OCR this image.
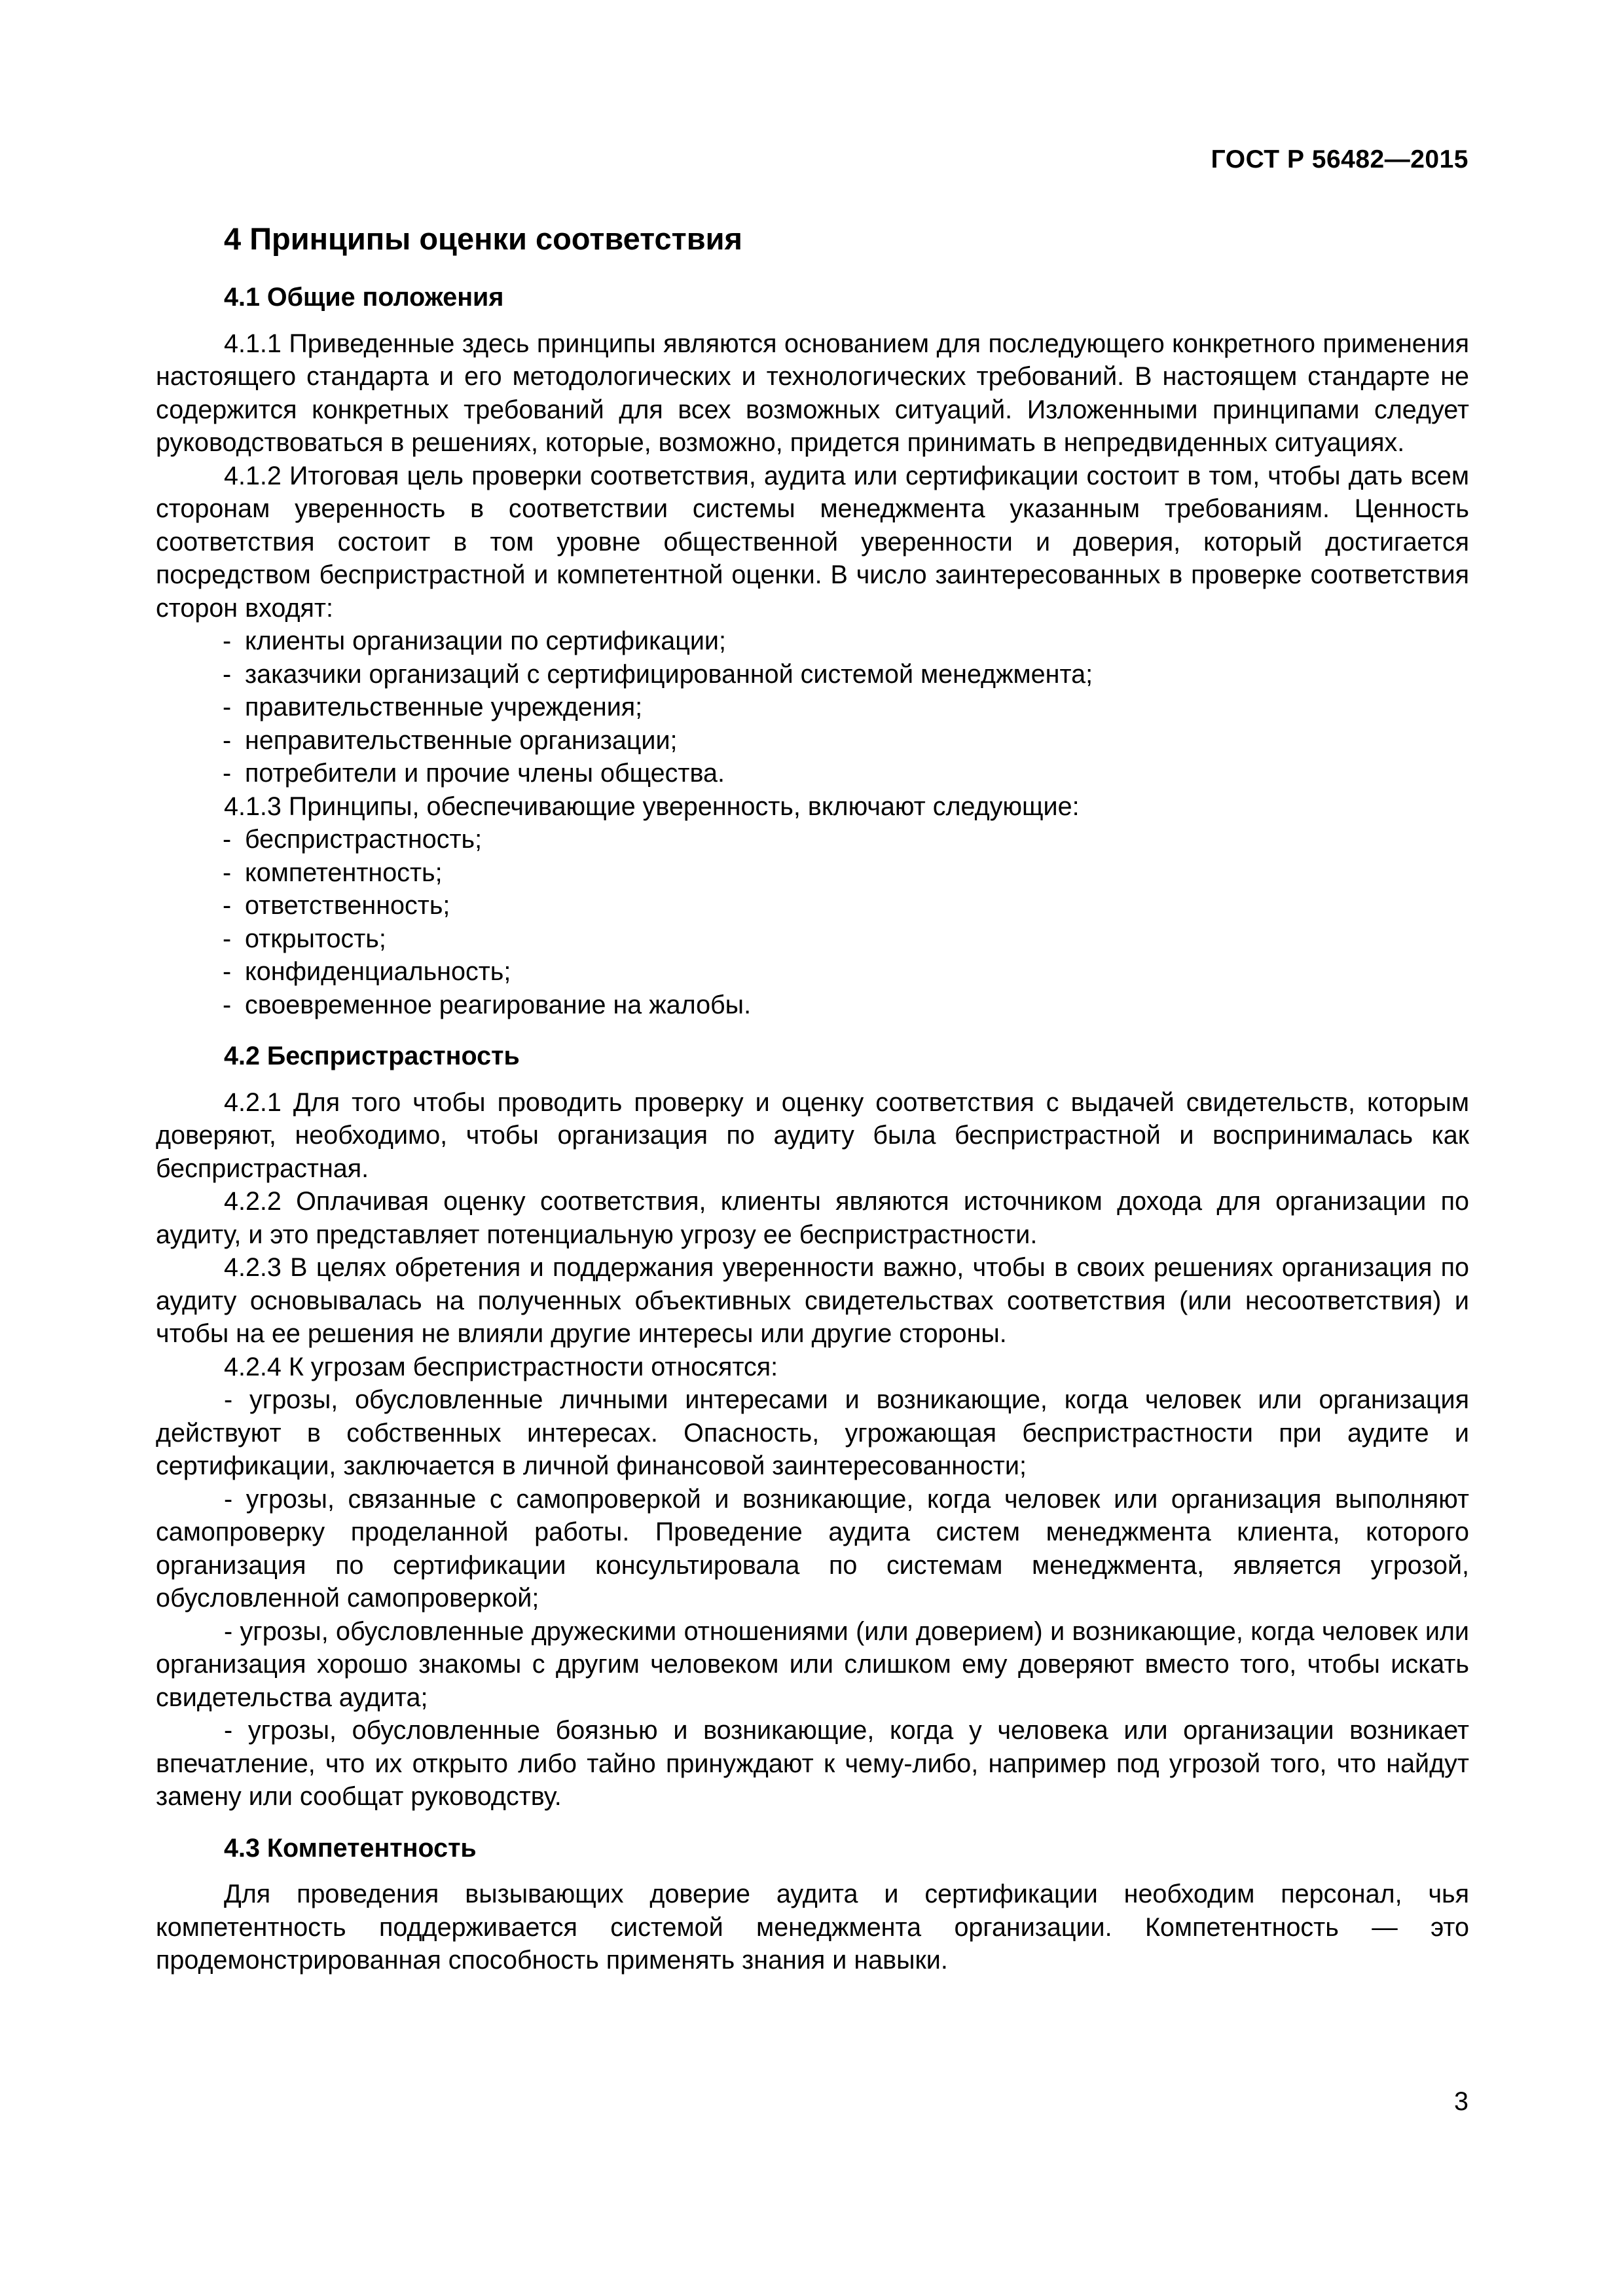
ГОСТ Р 56482—2015
4 Принципы оценки соответствия
4.1 Общие положения

4.1.1 Приведенные здесь принципы являются основанием для последующего конкретного применения настоящего стандарта и его методологических и технологических требований. В настоящем стандарте не содержится конкретных требований для всех возможных ситуаций. Изложенными принципами следует руководствоваться в решениях, которые, возможно, придется принимать в непредвиденных ситуациях.

4.1.2 Итоговая цель проверки соответствия, аудита или сертификации состоит в том, чтобы дать всем сторонам уверенность в соответствии системы менеджмента указанным требованиям. Ценность соответствия состоит в том уровне общественной уверенности и доверия, который достигается посредством беспристрастной и компетентной оценки. В число заинтересованных в проверке соответствия сторон входят:

- клиенты организации по сертификации;

- заказчики организаций с сертифицированной системой менеджмента;

- правительственные учреждения;

- неправительственные организации;

- потребители и прочие члены общества.

4.1.3 Принципы, обеспечивающие уверенность, включают следующие:

- беспристрастность;

- компетентность;

- ответственность;

- открытость;

- конфиденциальность;

- своевременное реагирование на жалобы.

4.2 Беспристрастность

4.2.1 Для того чтобы проводить проверку и оценку соответствия с выдачей свидетельств, которым доверяют, необходимо, чтобы организация по аудиту была беспристрастной и воспринималась как беспристрастная.

4.2.2 Оплачивая оценку соответствия, клиенты являются источником дохода для организации по аудиту, и это представляет потенциальную угрозу ее беспристрастности.

4.2.3 В целях обретения и поддержания уверенности важно, чтобы в своих решениях организация по аудиту основывалась на полученных объективных свидетельствах соответствия (или несоответствия) и чтобы на ее решения не влияли другие интересы или другие стороны.

4.2.4 К угрозам беспристрастности относятся:

- угрозы, обусловленные личными интересами и возникающие, когда человек или организация действуют в собственных интересах. Опасность, угрожающая беспристрастности при аудите и сертификации, заключается в личной финансовой заинтересованности;

- угрозы, связанные с самопроверкой и возникающие, когда человек или организация выполняют самопроверку проделанной работы. Проведение аудита систем менеджмента клиента, которого организация по сертификации консультировала по системам менеджмента, является угрозой, обусловленной самопроверкой;

- угрозы, обусловленные дружескими отношениями (или доверием) и возникающие, когда человек или организация хорошо знакомы с другим человеком или слишком ему доверяют вместо того, чтобы искать свидетельства аудита;

- угрозы, обусловленные боязнью и возникающие, когда у человека или организации возникает впечатление, что их открыто либо тайно принуждают к чему-либо, например под угрозой того, что найдут замену или сообщат руководству.

4.3 Компетентность

Для проведения вызывающих доверие аудита и сертификации необходим персонал, чья компетентность поддерживается системой менеджмента организации. Компетентность — это продемонстрированная способность применять знания и навыки.

3
